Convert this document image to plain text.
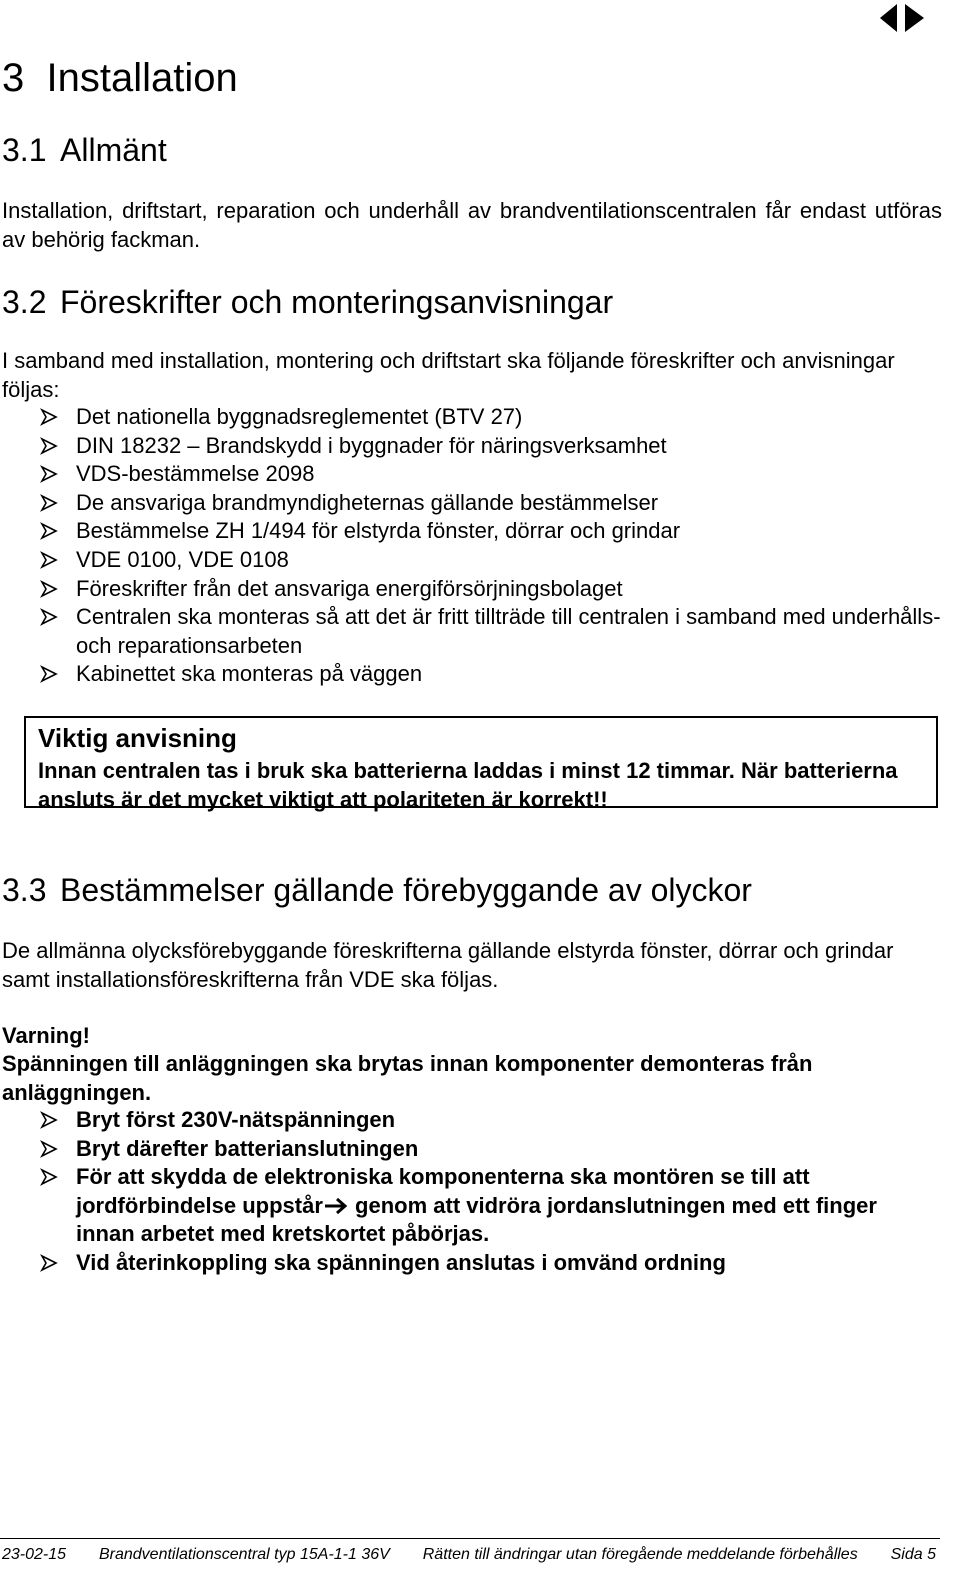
3 Installation
3.1 Allmänt
Installation, driftstart, reparation och underhåll av brandventilationscentralen får endast utföras av behörig fackman.
3.2 Föreskrifter och monteringsanvisningar
I samband med installation, montering och driftstart ska följande föreskrifter och anvisningar följas:
Det nationella byggnadsreglementet (BTV 27)
DIN 18232 – Brandskydd i byggnader för näringsverksamhet
VDS-bestämmelse 2098
De ansvariga brandmyndigheternas gällande bestämmelser
Bestämmelse ZH 1/494 för elstyrda fönster, dörrar och grindar
VDE 0100, VDE 0108
Föreskrifter från det ansvariga energiförsörjningsbolaget
Centralen ska monteras så att det är fritt tillträde till centralen i samband med underhålls- och reparationsarbeten
Kabinettet ska monteras på väggen
Viktig anvisning
Innan centralen tas i bruk ska batterierna laddas i minst 12 timmar. När batterierna ansluts är det mycket viktigt att polariteten är korrekt!!
3.3 Bestämmelser gällande förebyggande av olyckor
De allmänna olycksförebyggande föreskrifterna gällande elstyrda fönster, dörrar och grindar samt installationsföreskrifterna från VDE ska följas.
Varning!
Spänningen till anläggningen ska brytas innan komponenter demonteras från anläggningen.
Bryt först 230V-nätspänningen
Bryt därefter batterianslutningen
För att skydda de elektroniska komponenterna ska montören se till att jordförbindelse uppstår genom att vidröra jordanslutningen med ett finger innan arbetet med kretskortet påbörjas.
Vid återinkoppling ska spänningen anslutas i omvänd ordning
23-02-15 Brandventilationscentral typ 15A-1-1 36V Rätten till ändringar utan föregående meddelande förbehålles Sida 5
